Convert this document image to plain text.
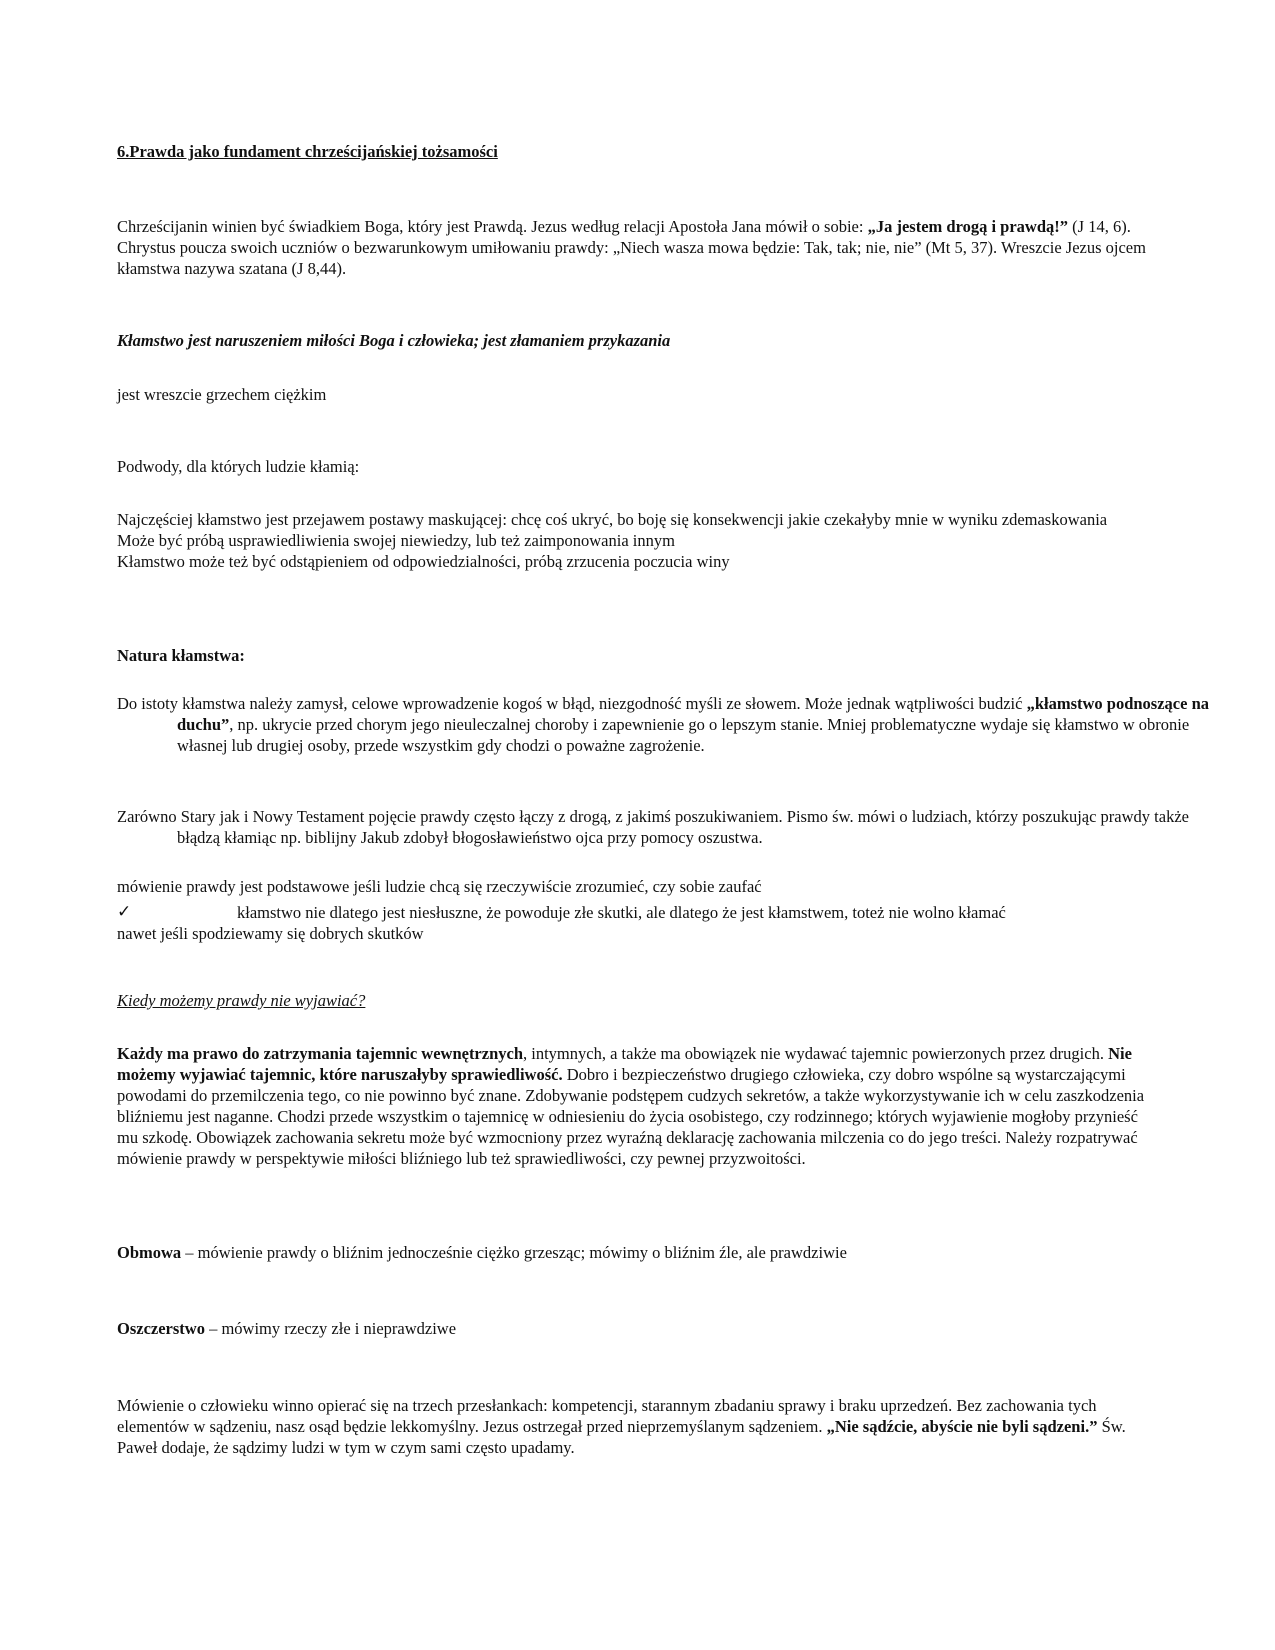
6.Prawda jako fundament chrześcijańskiej tożsamości

Chrześcijanin winien być świadkiem Boga, który jest Prawdą. Jezus według relacji Apostoła Jana mówił o sobie: „Ja jestem drogą i prawdą!” (J 14, 6). Chrystus poucza swoich uczniów o bezwarunkowym umiłowaniu prawdy: „Niech wasza mowa będzie: Tak, tak; nie, nie” (Mt 5, 37). Wreszcie Jezus ojcem kłamstwa nazywa szatana (J 8,44).

Kłamstwo jest naruszeniem miłości Boga i człowieka; jest złamaniem przykazania

jest wreszcie grzechem ciężkim

Podwody, dla których ludzie kłamią:

Najczęściej kłamstwo jest przejawem postawy maskującej: chcę coś ukryć, bo boję się konsekwencji jakie czekałyby mnie w wyniku zdemaskowania
Może być próbą usprawiedliwienia swojej niewiedzy, lub też zaimponowania innym
Kłamstwo może też być odstąpieniem od odpowiedzialności, próbą zrzucenia poczucia winy

Natura kłamstwa:

Do istoty kłamstwa należy zamysł, celowe wprowadzenie kogoś w błąd, niezgodność myśli ze słowem. Może jednak wątpliwości budzić „kłamstwo podnoszące na duchu”, np. ukrycie przed chorym jego nieuleczalnej choroby i zapewnienie go o lepszym stanie. Mniej problematyczne wydaje się kłamstwo w obronie własnej lub drugiej osoby, przede wszystkim gdy chodzi o poważne zagrożenie.

Zarówno Stary jak i Nowy Testament pojęcie prawdy często łączy z drogą, z jakimś poszukiwaniem. Pismo św. mówi o ludziach, którzy poszukując prawdy także błądzą kłamiąc np. biblijny Jakub zdobył błogosławieństwo ojca przy pomocy oszustwa.

mówienie prawdy jest podstawowe jeśli ludzie chcą się rzeczywiście zrozumieć, czy sobie zaufać

✓	kłamstwo nie dlatego jest niesłuszne, że powoduje złe skutki, ale dlatego że jest kłamstwem, toteż nie wolno kłamać
nawet jeśli spodziewamy się dobrych skutków

Kiedy możemy prawdy nie wyjawiać?

Każdy ma prawo do zatrzymania tajemnic wewnętrznych, intymnych, a także ma obowiązek nie wydawać tajemnic powierzonych przez drugich. Nie możemy wyjawiać tajemnic, które naruszałyby sprawiedliwość. Dobro i bezpieczeństwo drugiego człowieka, czy dobro wspólne są wystarczającymi powodami do przemilczenia tego, co nie powinno być znane. Zdobywanie podstępem cudzych sekretów, a także wykorzystywanie ich w celu zaszkodzenia bliźniemu jest naganne. Chodzi przede wszystkim o tajemnicę w odniesieniu do życia osobistego, czy rodzinnego; których wyjawienie mogłoby przynieść mu szkodę. Obowiązek zachowania sekretu może być wzmocniony przez wyraźną deklarację zachowania milczenia co do jego treści. Należy rozpatrywać mówienie prawdy w perspektywie miłości bliźniego lub też sprawiedliwości, czy pewnej przyzwoitości.

Obmowa – mówienie prawdy o bliźnim jednocześnie ciężko grzesząc; mówimy o bliźnim źle, ale prawdziwie

Oszczerstwo – mówimy rzeczy złe i nieprawdziwe

Mówienie o człowieku winno opierać się na trzech przesłankach: kompetencji, starannym zbadaniu sprawy i braku uprzedzeń. Bez zachowania tych elementów w sądzeniu, nasz osąd będzie lekkomyślny. Jezus ostrzegał przed nieprzemyślanym sądzeniem. „Nie sądźcie, abyście nie byli sądzeni.” Św. Paweł dodaje, że sądzimy ludzi w tym w czym sami często upadamy.
